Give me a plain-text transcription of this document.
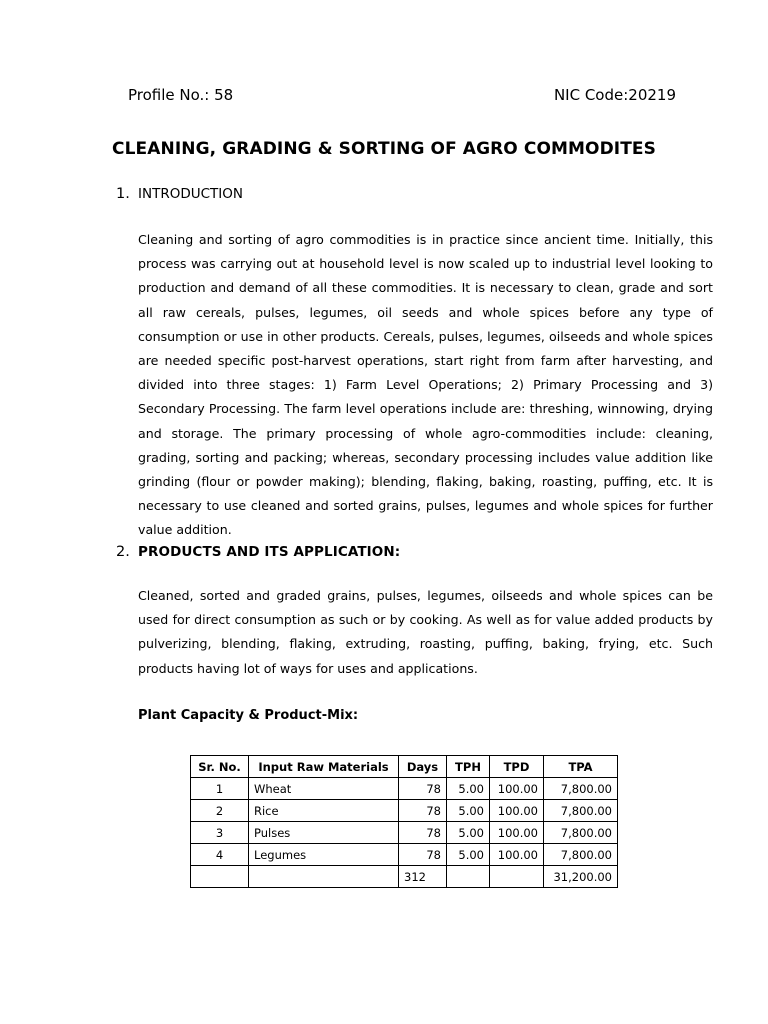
Profile No.: 58	NIC Code:20219
CLEANING, GRADING & SORTING OF AGRO COMMODITES
1. INTRODUCTION
Cleaning and sorting of agro commodities is in practice since ancient time. Initially, this process was carrying out at household level is now scaled up to industrial level looking to production and demand of all these commodities. It is necessary to clean, grade and sort all raw cereals, pulses, legumes, oil seeds and whole spices before any type of consumption or use in other products. Cereals, pulses, legumes, oilseeds and whole spices are needed specific post-harvest operations, start right from farm after harvesting, and divided into three stages: 1) Farm Level Operations; 2) Primary Processing and 3) Secondary Processing. The farm level operations include are: threshing, winnowing, drying and storage. The primary processing of whole agro-commodities include: cleaning, grading, sorting and packing; whereas, secondary processing includes value addition like grinding (flour or powder making); blending, flaking, baking, roasting, puffing, etc. It is necessary to use cleaned and sorted grains, pulses, legumes and whole spices for further value addition.
2. PRODUCTS AND ITS APPLICATION:
Cleaned, sorted and graded grains, pulses, legumes, oilseeds and whole spices can be used for direct consumption as such or by cooking. As well as for value added products by pulverizing, blending, flaking, extruding, roasting, puffing, baking, frying, etc. Such products having lot of ways for uses and applications.
Plant Capacity & Product-Mix:
Sr. No.	Input Raw Materials	Days	TPH	TPD	TPA
1	Wheat	78	5.00	100.00	7,800.00
2	Rice	78	5.00	100.00	7,800.00
3	Pulses	78	5.00	100.00	7,800.00
4	Legumes	78	5.00	100.00	7,800.00
		312			31,200.00
